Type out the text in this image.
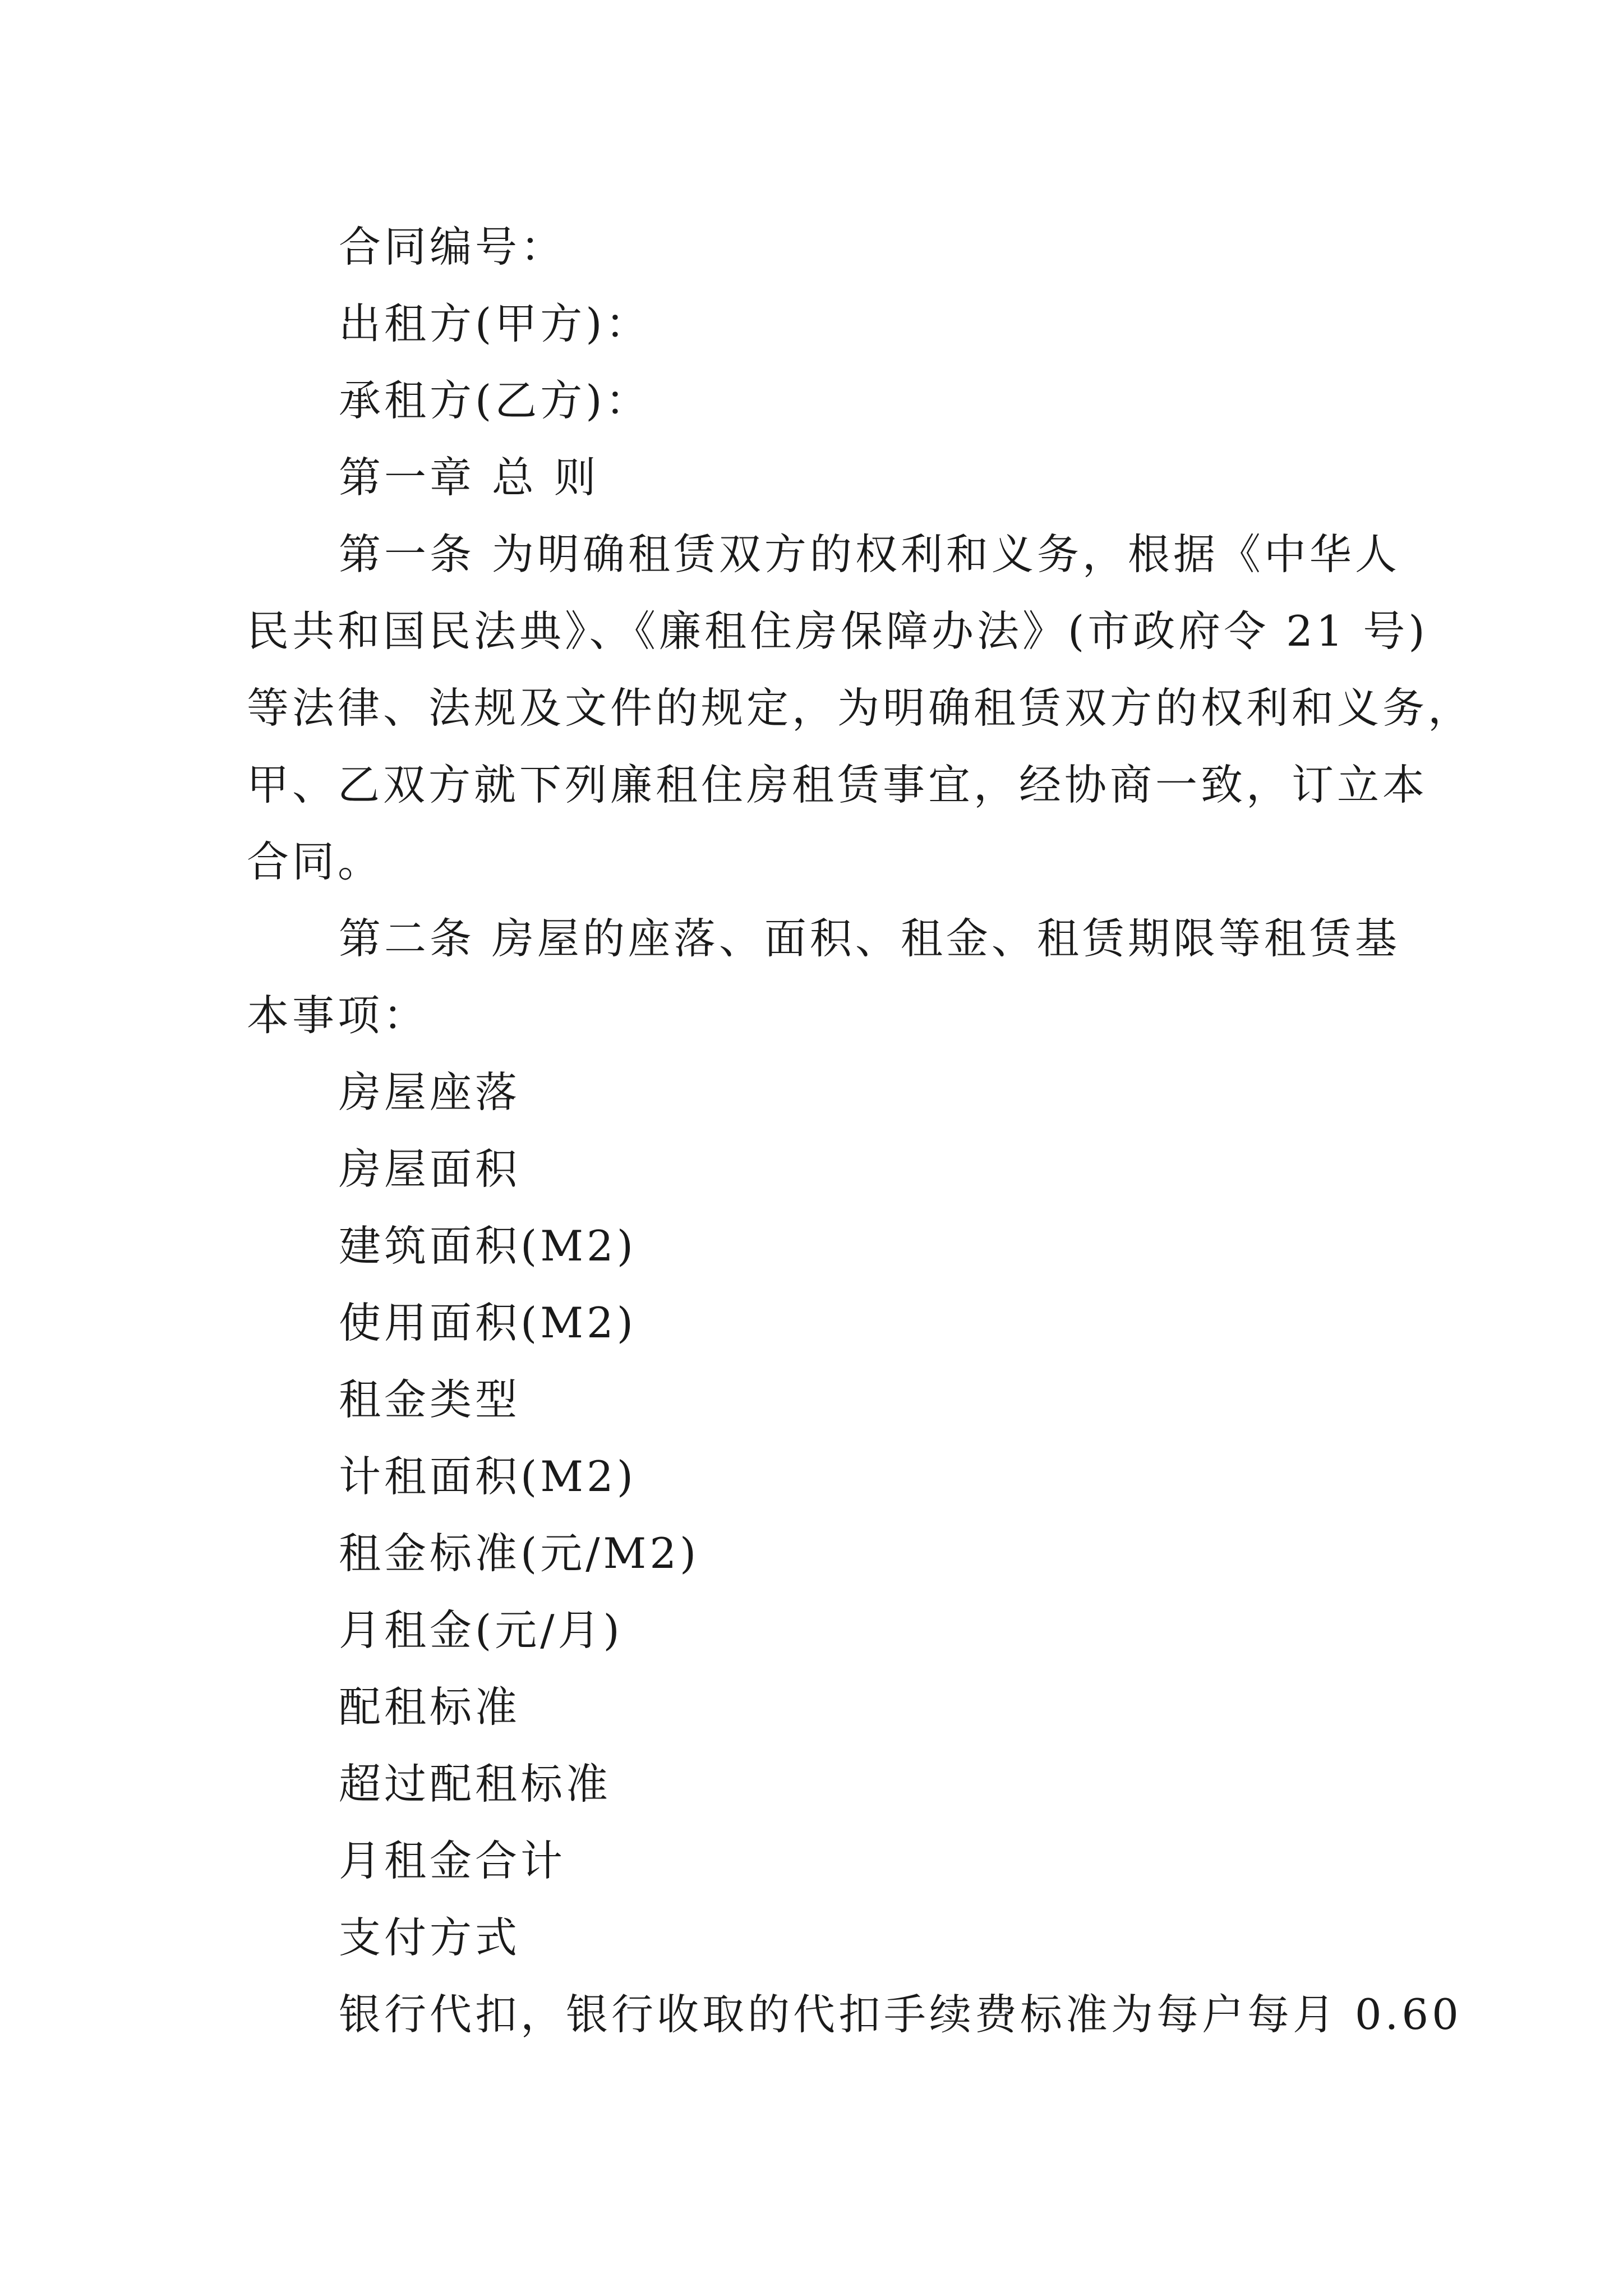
合同编号：
出租方(甲方)：
承租方(乙方)：
第一章 总 则
第一条 为明确租赁双方的权利和义务，根据《中华人
民共和国民法典》、《廉租住房保障办法》(市政府令 21 号)
等法律、法规及文件的规定，为明确租赁双方的权利和义务，
甲、乙双方就下列廉租住房租赁事宜，经协商一致，订立本
合同。
第二条 房屋的座落、面积、租金、租赁期限等租赁基
本事项：
房屋座落
房屋面积
建筑面积(M2)
使用面积(M2)
租金类型
计租面积(M2)
租金标准(元/M2)
月租金(元/月)
配租标准
超过配租标准
月租金合计
支付方式
银行代扣，银行收取的代扣手续费标准为每户每月 0.60
